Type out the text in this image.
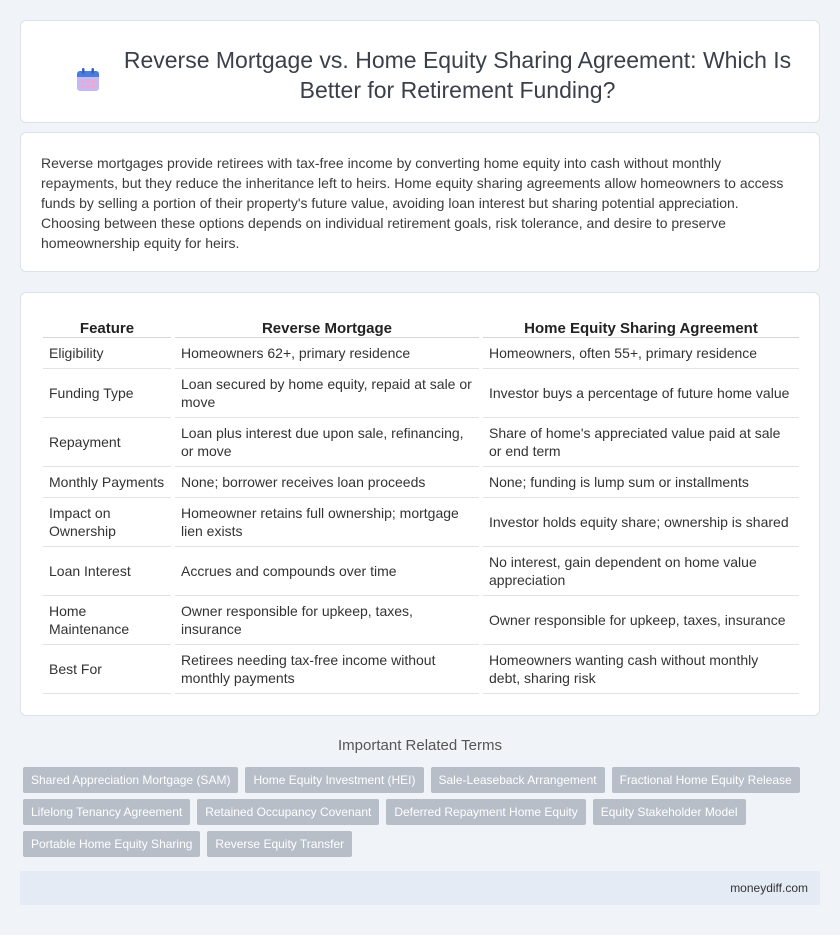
Reverse Mortgage vs. Home Equity Sharing Agreement: Which Is Better for Retirement Funding?

Reverse mortgages provide retirees with tax-free income by converting home equity into cash without monthly repayments, but they reduce the inheritance left to heirs. Home equity sharing agreements allow homeowners to access funds by selling a portion of their property's future value, avoiding loan interest but sharing potential appreciation. Choosing between these options depends on individual retirement goals, risk tolerance, and desire to preserve homeownership equity for heirs.

Feature		Reverse Mortgage		Home Equity Sharing Agreement
Eligibility		Homeowners 62+, primary residence		Homeowners, often 55+, primary residence
Funding Type		Loan secured by home equity, repaid at sale or move		Investor buys a percentage of future home value
Repayment		Loan plus interest due upon sale, refinancing, or move		Share of home's appreciated value paid at sale or end term
Monthly Payments		None; borrower receives loan proceeds		None; funding is lump sum or installments
Impact on Ownership		Homeowner retains full ownership; mortgage lien exists		Investor holds equity share; ownership is shared
Loan Interest		Accrues and compounds over time		No interest, gain dependent on home value appreciation
Home Maintenance		Owner responsible for upkeep, taxes, insurance		Owner responsible for upkeep, taxes, insurance
Best For		Retirees needing tax-free income without monthly payments		Homeowners wanting cash without monthly debt, sharing risk
Important Related Terms
Shared Appreciation Mortgage (SAM)	Home Equity Investment (HEI)	Sale-Leaseback Arrangement	Fractional Home Equity Release
Lifelong Tenancy Agreement	Retained Occupancy Covenant	Deferred Repayment Home Equity	Equity Stakeholder Model
Portable Home Equity Sharing	Reverse Equity Transfer
moneydiff.com
